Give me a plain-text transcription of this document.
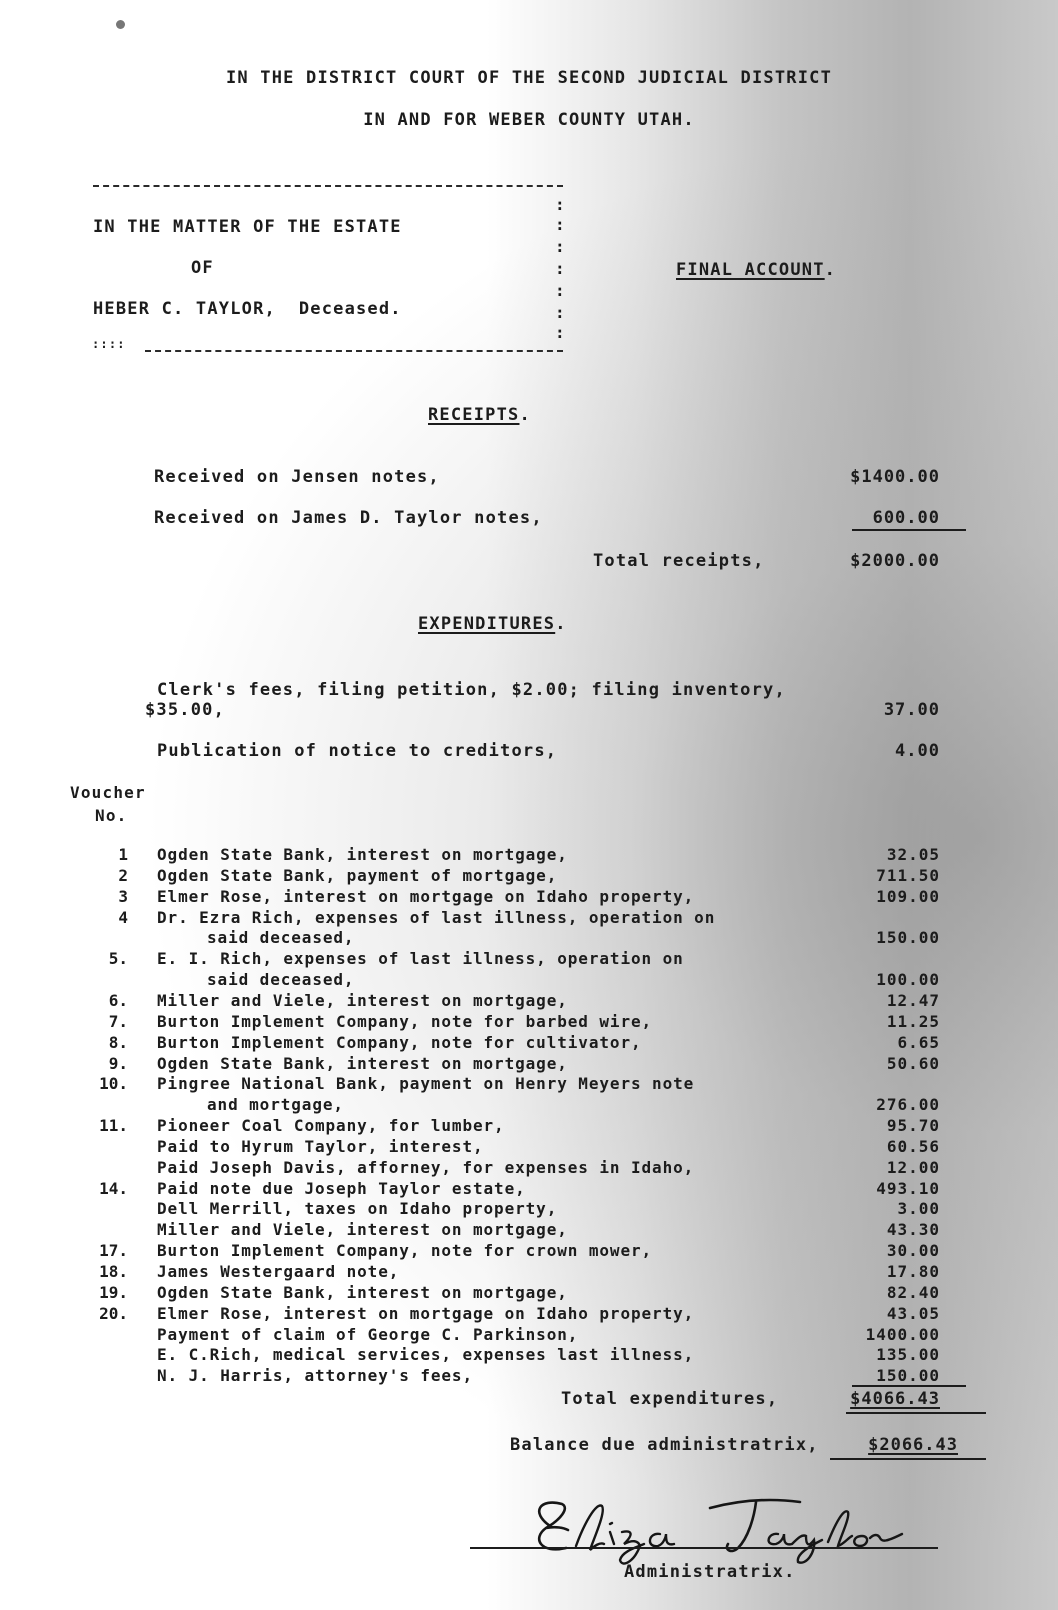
IN THE DISTRICT COURT OF THE SECOND JUDICIAL DISTRICT
IN AND FOR WEBER COUNTY UTAH.
:
:
:
:
:
:
:
IN THE MATTER OF THE ESTATE
OF
HEBER C. TAYLOR,  Deceased.
FINAL ACCOUNT.
::::
RECEIPTS.
Received on Jensen notes,	$1400.00
Received on James D. Taylor notes,	600.00
Total receipts,	$2000.00
EXPENDITURES.
Clerk's fees, filing petition, $2.00; filing inventory,
$35.00,	37.00
Publication of notice to creditors,	4.00
Voucher
No.
1 Ogden State Bank, interest on mortgage,	32.05
2 Ogden State Bank, payment of mortgage,	711.50
3 Elmer Rose, interest on mortgage on Idaho property,	109.00
4 Dr. Ezra Rich, expenses of last illness, operation on
said deceased,	150.00
5. E. I. Rich, expenses of last illness, operation on
said deceased,	100.00
6. Miller and Viele, interest on mortgage,	12.47
7. Burton Implement Company, note for barbed wire,	11.25
8. Burton Implement Company, note for cultivator,	6.65
9. Ogden State Bank, interest on mortgage,	50.60
10. Pingree National Bank, payment on Henry Meyers note
and mortgage,	276.00
11. Pioneer Coal Company, for lumber,	95.70
Paid to Hyrum Taylor, interest,	60.56
Paid Joseph Davis, afforney, for expenses in Idaho,	12.00
14. Paid note due Joseph Taylor estate,	493.10
Dell Merrill, taxes on Idaho property,	3.00
Miller and Viele, interest on mortgage,	43.30
17. Burton Implement Company, note for crown mower,	30.00
18. James Westergaard note,	17.80
19. Ogden State Bank, interest on mortgage,	82.40
20. Elmer Rose, interest on mortgage on Idaho property,	43.05
Payment of claim of George C. Parkinson,	1400.00
E. C.Rich, medical services, expenses last illness,	135.00
N. J. Harris, attorney's fees,	150.00
Total expenditures,	$4066.43
Balance due administratrix,	$2066.43
Administratrix.
